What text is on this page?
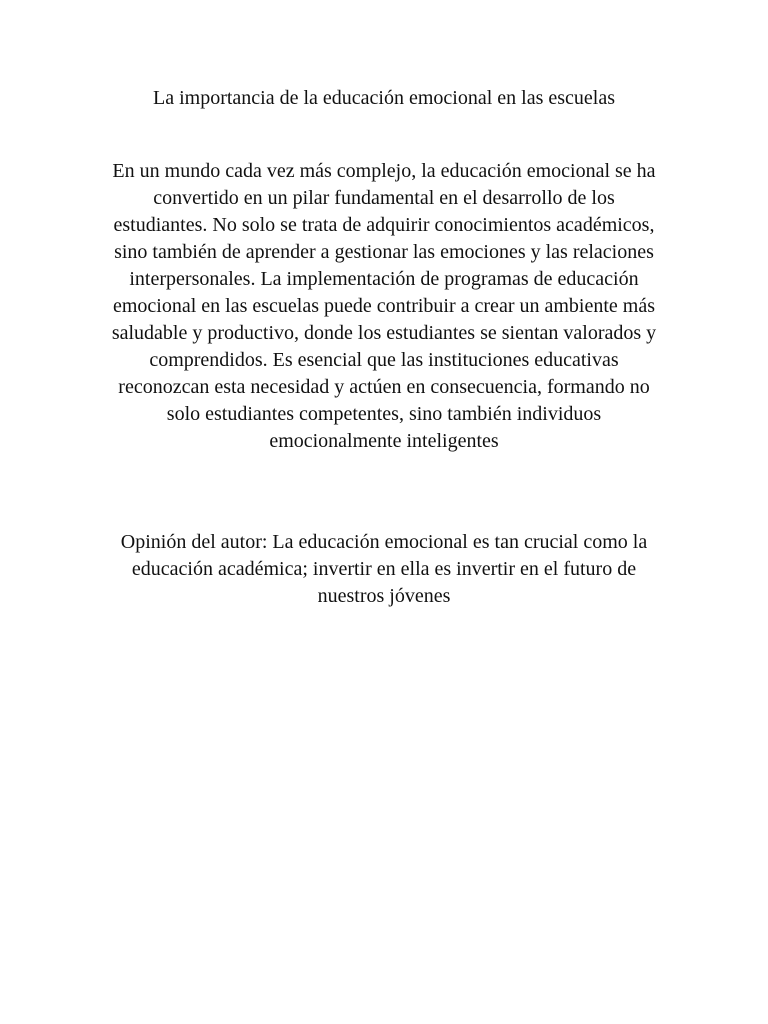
La importancia de la educación emocional en las escuelas

En un mundo cada vez más complejo, la educación emocional se ha convertido en un pilar fundamental en el desarrollo de los estudiantes. No solo se trata de adquirir conocimientos académicos, sino también de aprender a gestionar las emociones y las relaciones interpersonales. La implementación de programas de educación emocional en las escuelas puede contribuir a crear un ambiente más saludable y productivo, donde los estudiantes se sientan valorados y comprendidos. Es esencial que las instituciones educativas reconozcan esta necesidad y actúen en consecuencia, formando no solo estudiantes competentes, sino también individuos emocionalmente inteligentes

Opinión del autor: La educación emocional es tan crucial como la educación académica; invertir en ella es invertir en el futuro de nuestros jóvenes
